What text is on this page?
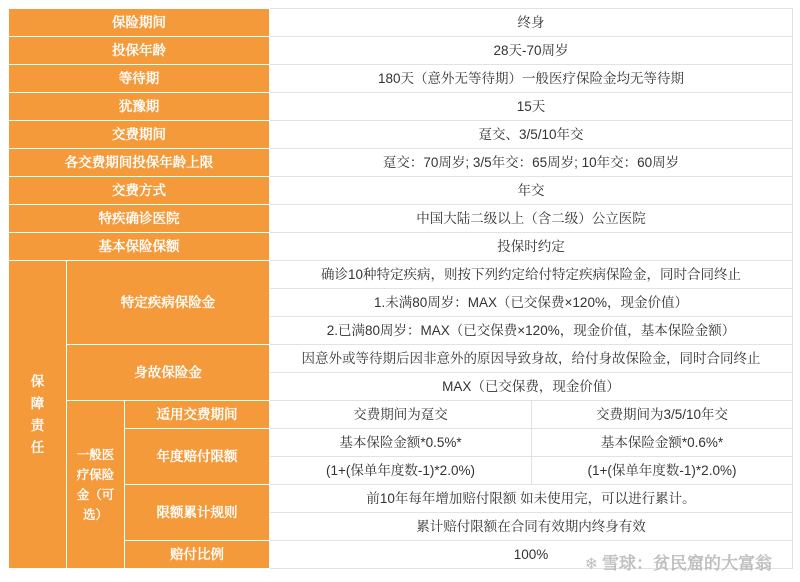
保险期间			终身	
投保年龄			28天-70周岁	
等待期			180天（意外无等待期）一般医疗保险金均无等待期	
犹豫期			15天	
交费期间			趸交、3/5/10年交	
各交费期间投保年龄上限			趸交：70周岁; 3/5年交：65周岁; 10年交：60周岁	
交费方式			年交	
特疾确诊医院			中国大陆二级以上（含二级）公立医院	
基本保险保额			投保时约定	
保障责任	特定疾病保险金		确诊10种特定疾病，则按下列约定给付特定疾病保险金，同时合同终止	
			1.未满80周岁：MAX（已交保费×120%，现金价值）	
			2.已满80周岁：MAX（已交保费×120%，现金价值，基本保险金额）	
	身故保险金		因意外或等待期后因非意外的原因导致身故，给付身故保险金，同时合同终止	
			MAX（已交保费，现金价值）	
	一般医疗保险金（可选）	适用交费期间	交费期间为趸交	交费期间为3/5/10年交
		年度赔付限额	基本保险金额*0.5%*	基本保险金额*0.6%*
			(1+(保单年度数-1)*2.0%)	(1+(保单年度数-1)*2.0%)
		限额累计规则	前10年每年增加赔付限额 如未使用完，可以进行累计。	
			累计赔付限额在合同有效期内终身有效	
		赔付比例	100%	
❄ 雪球：贫民窟的大富翁
